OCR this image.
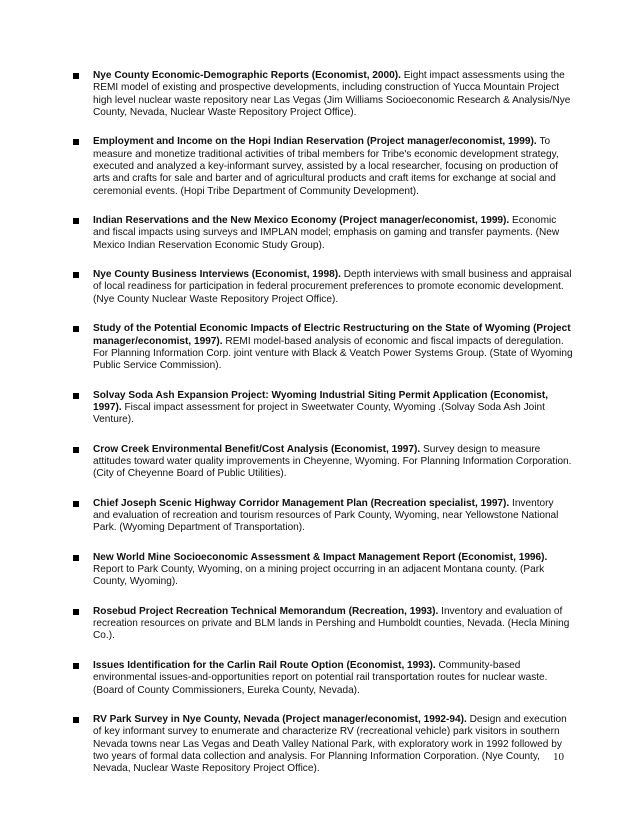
Nye County Economic-Demographic Reports (Economist, 2000). Eight impact assessments using the REMI model of existing and prospective developments, including construction of Yucca Mountain Project high level nuclear waste repository near Las Vegas (Jim Williams Socioeconomic Research & Analysis/Nye County, Nevada, Nuclear Waste Repository Project Office).
Employment and Income on the Hopi Indian Reservation (Project manager/economist, 1999). To measure and monetize traditional activities of tribal members for Tribe's economic development strategy, executed and analyzed a key-informant survey, assisted by a local researcher, focusing on production of arts and crafts for sale and barter and of agricultural products and craft items for exchange at social and ceremonial events. (Hopi Tribe Department of Community Development).
Indian Reservations and the New Mexico Economy (Project manager/economist, 1999). Economic and fiscal impacts using surveys and IMPLAN model; emphasis on gaming and transfer payments. (New Mexico Indian Reservation Economic Study Group).
Nye County Business Interviews (Economist, 1998). Depth interviews with small business and appraisal of local readiness for participation in federal procurement preferences to promote economic development. (Nye County Nuclear Waste Repository Project Office).
Study of the Potential Economic Impacts of Electric Restructuring on the State of Wyoming (Project manager/economist, 1997). REMI model-based analysis of economic and fiscal impacts of deregulation. For Planning Information Corp. joint venture with Black & Veatch Power Systems Group. (State of Wyoming Public Service Commission).
Solvay Soda Ash Expansion Project: Wyoming Industrial Siting Permit Application (Economist, 1997). Fiscal impact assessment for project in Sweetwater County, Wyoming .(Solvay Soda Ash Joint Venture).
Crow Creek Environmental Benefit/Cost Analysis (Economist, 1997). Survey design to measure attitudes toward water quality improvements in Cheyenne, Wyoming. For Planning Information Corporation. (City of Cheyenne Board of Public Utilities).
Chief Joseph Scenic Highway Corridor Management Plan (Recreation specialist, 1997). Inventory and evaluation of recreation and tourism resources of Park County, Wyoming, near Yellowstone National Park. (Wyoming Department of Transportation).
New World Mine Socioeconomic Assessment & Impact Management Report (Economist, 1996). Report to Park County, Wyoming, on a mining project occurring in an adjacent Montana county. (Park County, Wyoming).
Rosebud Project Recreation Technical Memorandum (Recreation, 1993). Inventory and evaluation of recreation resources on private and BLM lands in Pershing and Humboldt counties, Nevada. (Hecla Mining Co.).
Issues Identification for the Carlin Rail Route Option (Economist, 1993). Community-based environmental issues-and-opportunities report on potential rail transportation routes for nuclear waste. (Board of County Commissioners, Eureka County, Nevada).
RV Park Survey in Nye County, Nevada (Project manager/economist, 1992-94). Design and execution of key informant survey to enumerate and characterize RV (recreational vehicle) park visitors in southern Nevada towns near Las Vegas and Death Valley National Park, with exploratory work in 1992 followed by two years of formal data collection and analysis. For Planning Information Corporation. (Nye County, Nevada, Nuclear Waste Repository Project Office).
10
